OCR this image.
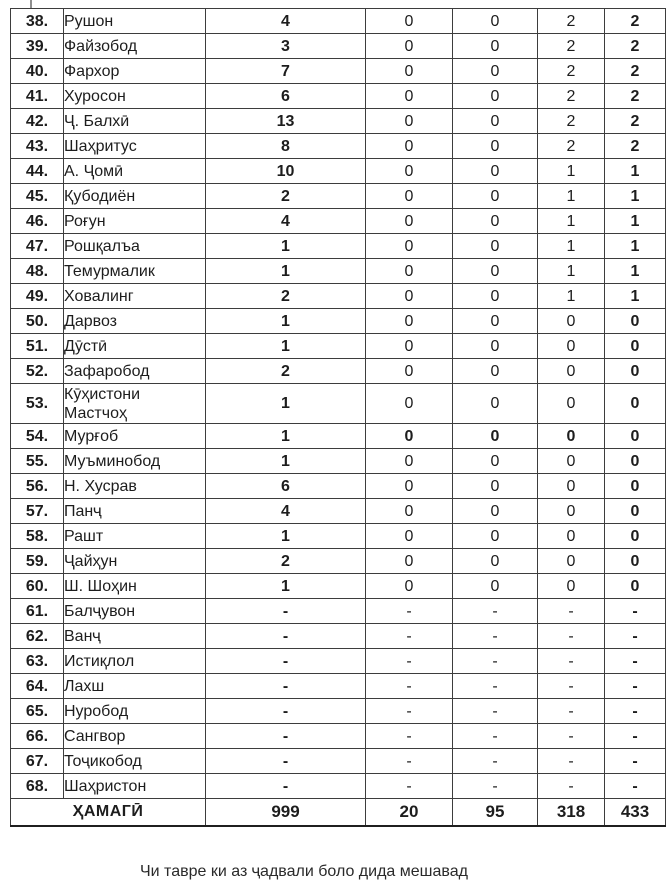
38.	Рушон	4	0	0	2	2
39.	Файзобод	3	0	0	2	2
40.	Фархор	7	0	0	2	2
41.	Хуросон	6	0	0	2	2
42.	Ҷ. Балхӣ	13	0	0	2	2
43.	Шаҳритус	8	0	0	2	2
44.	А. Ҷомӣ	10	0	0	1	1
45.	Қубодиён	2	0	0	1	1
46.	Роғун	4	0	0	1	1
47.	Рошқалъа	1	0	0	1	1
48.	Темурмалик	1	0	0	1	1
49.	Ховалинг	2	0	0	1	1
50.	Дарвоз	1	0	0	0	0
51.	Дӯстӣ	1	0	0	0	0
52.	Зафаробод	2	0	0	0	0
53.	Кӯҳистони Мастчоҳ	1	0	0	0	0
54.	Мурғоб	1	0	0	0	0
55.	Муъминобод	1	0	0	0	0
56.	Н. Хусрав	6	0	0	0	0
57.	Панҷ	4	0	0	0	0
58.	Рашт	1	0	0	0	0
59.	Ҷайҳун	2	0	0	0	0
60.	Ш. Шоҳин	1	0	0	0	0
61.	Балҷувон	-	-	-	-	-
62.	Ванҷ	-	-	-	-	-
63.	Истиқлол	-	-	-	-	-
64.	Лахш	-	-	-	-	-
65.	Нуробод	-	-	-	-	-
66.	Сангвор	-	-	-	-	-
67.	Тоҷикобод	-	-	-	-	-
68.	Шаҳристон	-	-	-	-	-
ҲАМАГӢ		999	20	95	318	433
Чи тавре ки аз ҷадвали боло дида мешавад
